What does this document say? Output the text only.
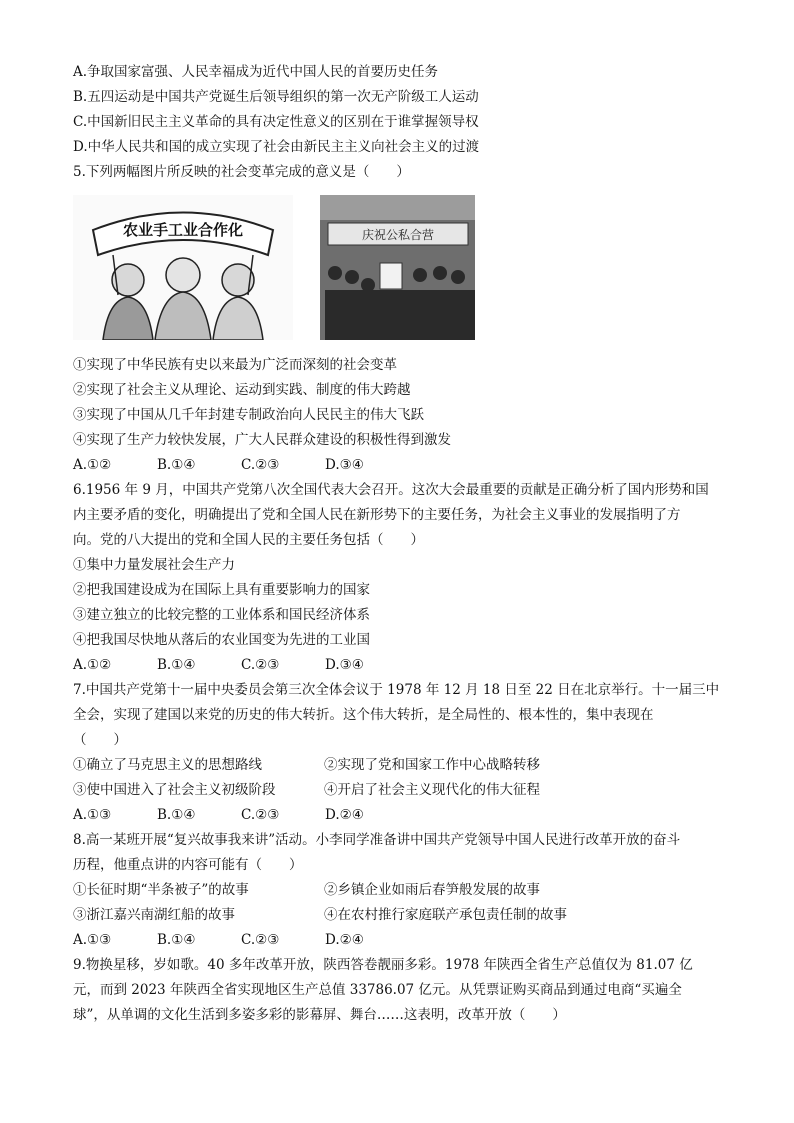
A.争取国家富强、人民幸福成为近代中国人民的首要历史任务
B.五四运动是中国共产党诞生后领导组织的第一次无产阶级工人运动
C.中国新旧民主主义革命的具有决定性意义的区别在于谁掌握领导权
D.中华人民共和国的成立实现了社会由新民主主义向社会主义的过渡
5.下列两幅图片所反映的社会变革完成的意义是（　　）
农业手工业合作化	庆祝公私合营
①实现了中华民族有史以来最为广泛而深刻的社会变革
②实现了社会主义从理论、运动到实践、制度的伟大跨越
③实现了中国从几千年封建专制政治向人民民主的伟大飞跃
④实现了生产力较快发展，广大人民群众建设的积极性得到激发
A.①②	B.①④	C.②③	D.③④
6.1956 年 9 月，中国共产党第八次全国代表大会召开。这次大会最重要的贡献是正确分析了国内形势和国
内主要矛盾的变化，明确提出了党和全国人民在新形势下的主要任务，为社会主义事业的发展指明了方
向。党的八大提出的党和全国人民的主要任务包括（　　）
①集中力量发展社会生产力
②把我国建设成为在国际上具有重要影响力的国家
③建立独立的比较完整的工业体系和国民经济体系
④把我国尽快地从落后的农业国变为先进的工业国
A.①②	B.①④	C.②③	D.③④
7.中国共产党第十一届中央委员会第三次全体会议于 1978 年 12 月 18 日至 22 日在北京举行。十一届三中
全会，实现了建国以来党的历史的伟大转折。这个伟大转折，是全局性的、根本性的，集中表现在
（　　）
①确立了马克思主义的思想路线	②实现了党和国家工作中心战略转移
③使中国进入了社会主义初级阶段	④开启了社会主义现代化的伟大征程
A.①③	B.①④	C.②③	D.②④
8.高一某班开展“复兴故事我来讲”活动。小李同学准备讲中国共产党领导中国人民进行改革开放的奋斗
历程，他重点讲的内容可能有（　　）
①长征时期“半条被子”的故事	②乡镇企业如雨后春笋般发展的故事
③浙江嘉兴南湖红船的故事	④在农村推行家庭联产承包责任制的故事
A.①③	B.①④	C.②③	D.②④
9.物换星移，岁如歌。40 多年改革开放，陕西答卷靓丽多彩。1978 年陕西全省生产总值仅为 81.07 亿
元，而到 2023 年陕西全省实现地区生产总值 33786.07 亿元。从凭票证购买商品到通过电商“买遍全
球”，从单调的文化生活到多姿多彩的影幕屏、舞台……这表明，改革开放（　　）
